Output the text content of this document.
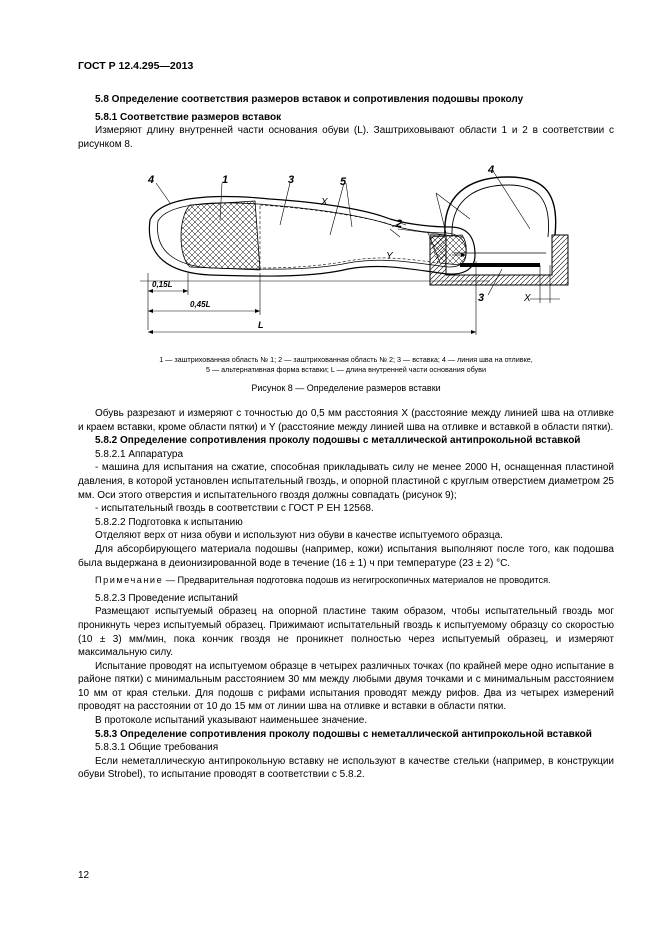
ГОСТ Р 12.4.295—2013

5.8 Определение соответствия размеров вставок и сопротивления подошвы проколу

5.8.1 Соответствие размеров вставок

Измеряют длину внутренней части основания обуви (L). Заштриховывают области 1 и 2 в соответствии с рисунком 8.

4	1	3	5
X
2
Y
0,15L
0,45L
L
4
3	X
1 — заштрихованная область № 1; 2 — заштрихованная область № 2; 3 — вставка; 4 — линия шва на отливке,
5 — альтернативная форма вставки; L — длина внутренней части основания обуви
Рисунок 8 — Определение размеров вставки

Обувь разрезают и измеряют с точностью до 0,5 мм расстояния X (расстояние между линией шва на отливке и краем вставки, кроме области пятки) и Y (расстояние между линией шва на отливке и вставкой в области пятки).

5.8.2 Определение сопротивления проколу подошвы с металлической антипрокольной вставкой

5.8.2.1 Аппаратура

- машина для испытания на сжатие, способная прикладывать силу не менее 2000 Н, оснащенная пластиной давления, в которой установлен испытательный гвоздь, и опорной пластиной с круглым отверстием диаметром 25 мм. Оси этого отверстия и испытательного гвоздя должны совпадать (рисунок 9);

- испытательный гвоздь в соответствии с ГОСТ Р ЕН 12568.

5.8.2.2 Подготовка к испытанию

Отделяют верх от низа обуви и используют низ обуви в качестве испытуемого образца.

Для абсорбирующего материала подошвы (например, кожи) испытания выполняют после того, как подошва была выдержана в деионизированной воде в течение (16 ± 1) ч при температуре (23 ± 2) °С.

Примечание — Предварительная подготовка подошв из негигроскопичных материалов не проводится.

5.8.2.3 Проведение испытаний

Размещают испытуемый образец на опорной пластине таким образом, чтобы испытательный гвоздь мог проникнуть через испытуемый образец. Прижимают испытательный гвоздь к испытуемому образцу со скоростью (10 ± 3) мм/мин, пока кончик гвоздя не проникнет полностью через испытуемый образец, и измеряют максимальную силу.

Испытание проводят на испытуемом образце в четырех различных точках (по крайней мере одно испытание в районе пятки) с минимальным расстоянием 30 мм между любыми двумя точками и с минимальным расстоянием 10 мм от края стельки. Для подошв с рифами испытания проводят между рифов. Два из четырех измерений проводят на расстоянии от 10 до 15 мм от линии шва на отливке и вставки в области пятки.

В протоколе испытаний указывают наименьшее значение.

5.8.3 Определение сопротивления проколу подошвы с неметаллической антипрокольной вставкой

5.8.3.1 Общие требования

Если неметаллическую антипрокольную вставку не используют в качестве стельки (например, в конструкции обуви Strobel), то испытание проводят в соответствии с 5.8.2.

12
